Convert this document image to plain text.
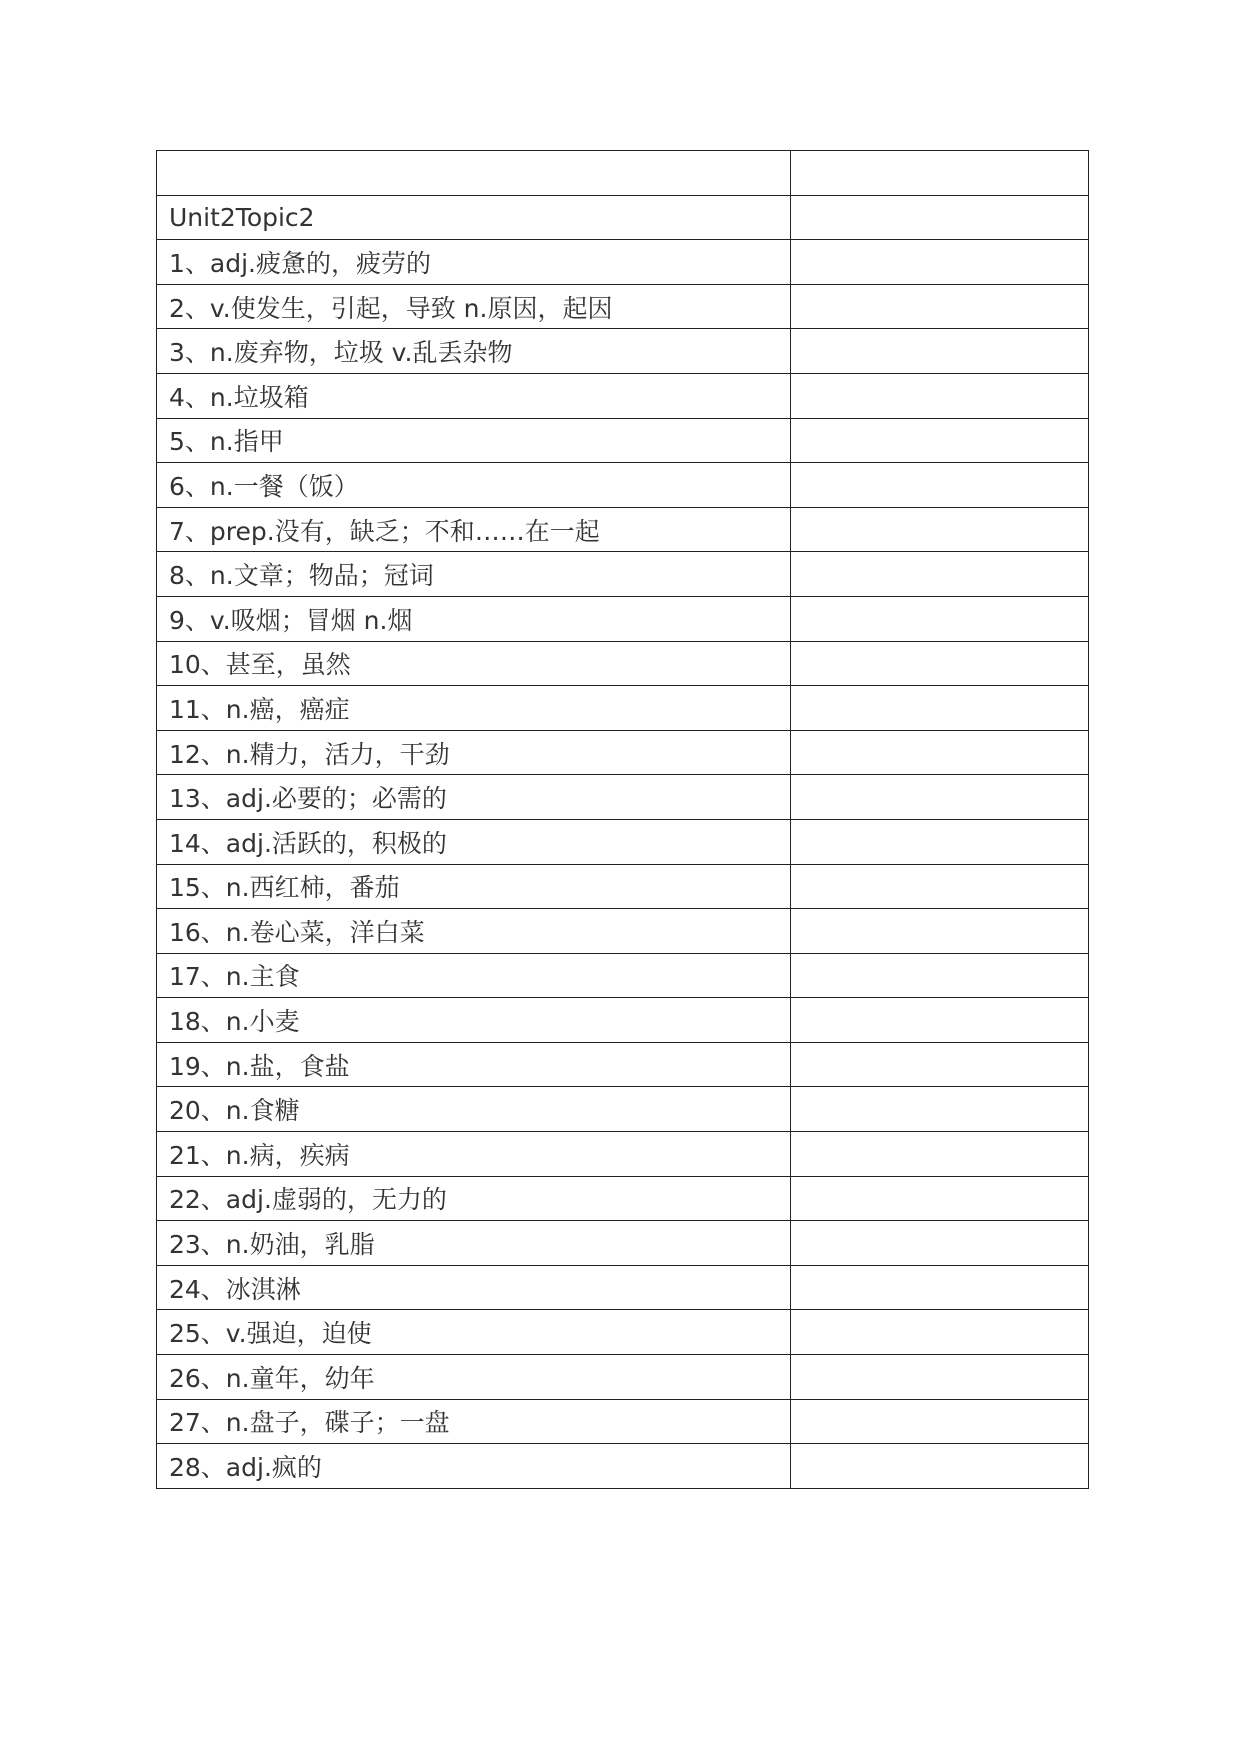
Unit2Topic2	
1、adj.疲惫的，疲劳的	
2、v.使发生，引起，导致 n.原因，起因	
3、n.废弃物，垃圾 v.乱丢杂物	
4、n.垃圾箱	
5、n.指甲	
6、n.一餐（饭）	
7、prep.没有，缺乏；不和……在一起	
8、n.文章；物品；冠词	
9、v.吸烟；冒烟 n.烟	
10、甚至，虽然	
11、n.癌，癌症	
12、n.精力，活力，干劲	
13、adj.必要的；必需的	
14、adj.活跃的，积极的	
15、n.西红柿，番茄	
16、n.卷心菜，洋白菜	
17、n.主食	
18、n.小麦	
19、n.盐，食盐	
20、n.食糖	
21、n.病，疾病	
22、adj.虚弱的，无力的	
23、n.奶油，乳脂	
24、冰淇淋	
25、v.强迫，迫使	
26、n.童年，幼年	
27、n.盘子，碟子；一盘	
28、adj.疯的	
